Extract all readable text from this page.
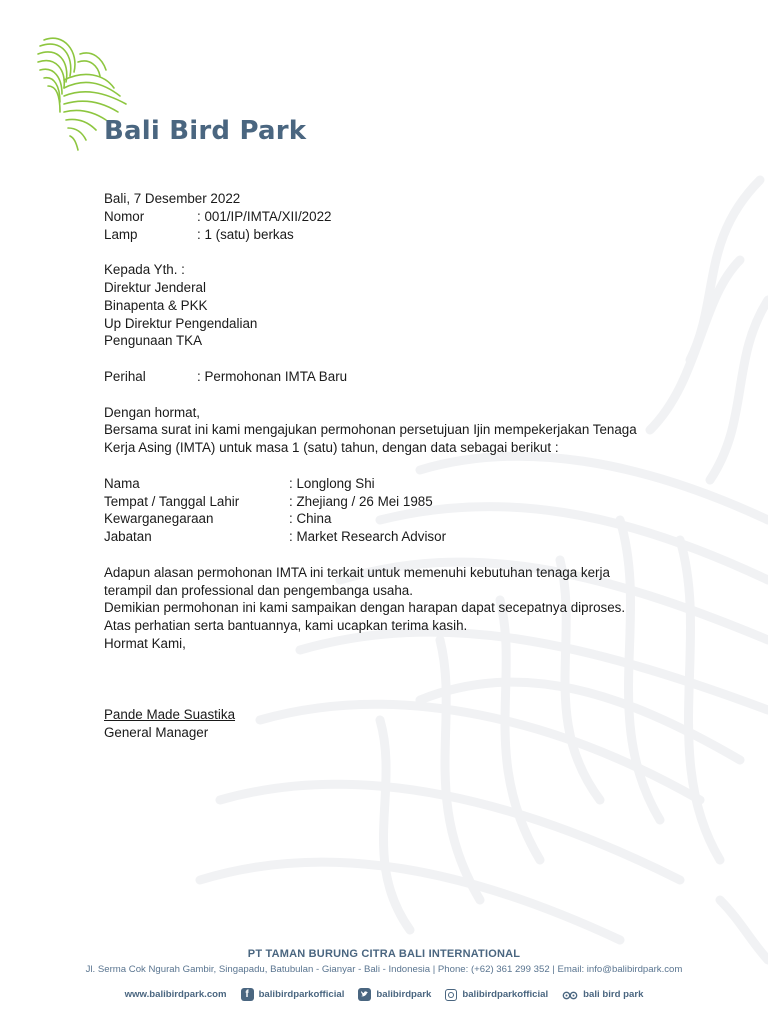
Bali Bird Park
Bali, 7 Desember 2022
Nomor	: 001/IP/IMTA/XII/2022
Lamp	: 1 (satu) berkas
Kepada Yth. :
Direktur Jenderal
Binapenta & PKK
Up Direktur Pengendalian
Pengunaan TKA
Perihal	: Permohonan IMTA Baru
Dengan hormat,
Bersama surat ini kami mengajukan permohonan persetujuan Ijin mempekerjakan Tenaga
Kerja Asing (IMTA) untuk masa 1 (satu) tahun, dengan data sebagai berikut :
Nama	: Longlong Shi
Tempat / Tanggal Lahir	: Zhejiang / 26 Mei 1985
Kewarganegaraan	: China
Jabatan	: Market Research Advisor
Adapun alasan permohonan IMTA ini terkait untuk memenuhi kebutuhan tenaga kerja
terampil dan professional dan pengembanga usaha.
Demikian permohonan ini kami sampaikan dengan harapan dapat secepatnya diproses.
Atas perhatian serta bantuannya, kami ucapkan terima kasih.
Hormat Kami,
Pande Made Suastika
General Manager
PT TAMAN BURUNG CITRA BALI INTERNATIONAL
Jl. Serma Cok Ngurah Gambir, Singapadu, Batubulan - Gianyar - Bali - Indonesia | Phone: (+62) 361 299 352 | Email: info@balibirdpark.com
www.balibirdpark.com	f	balibirdparkofficial	balibirdpark	balibirdparkofficial	bali bird park
